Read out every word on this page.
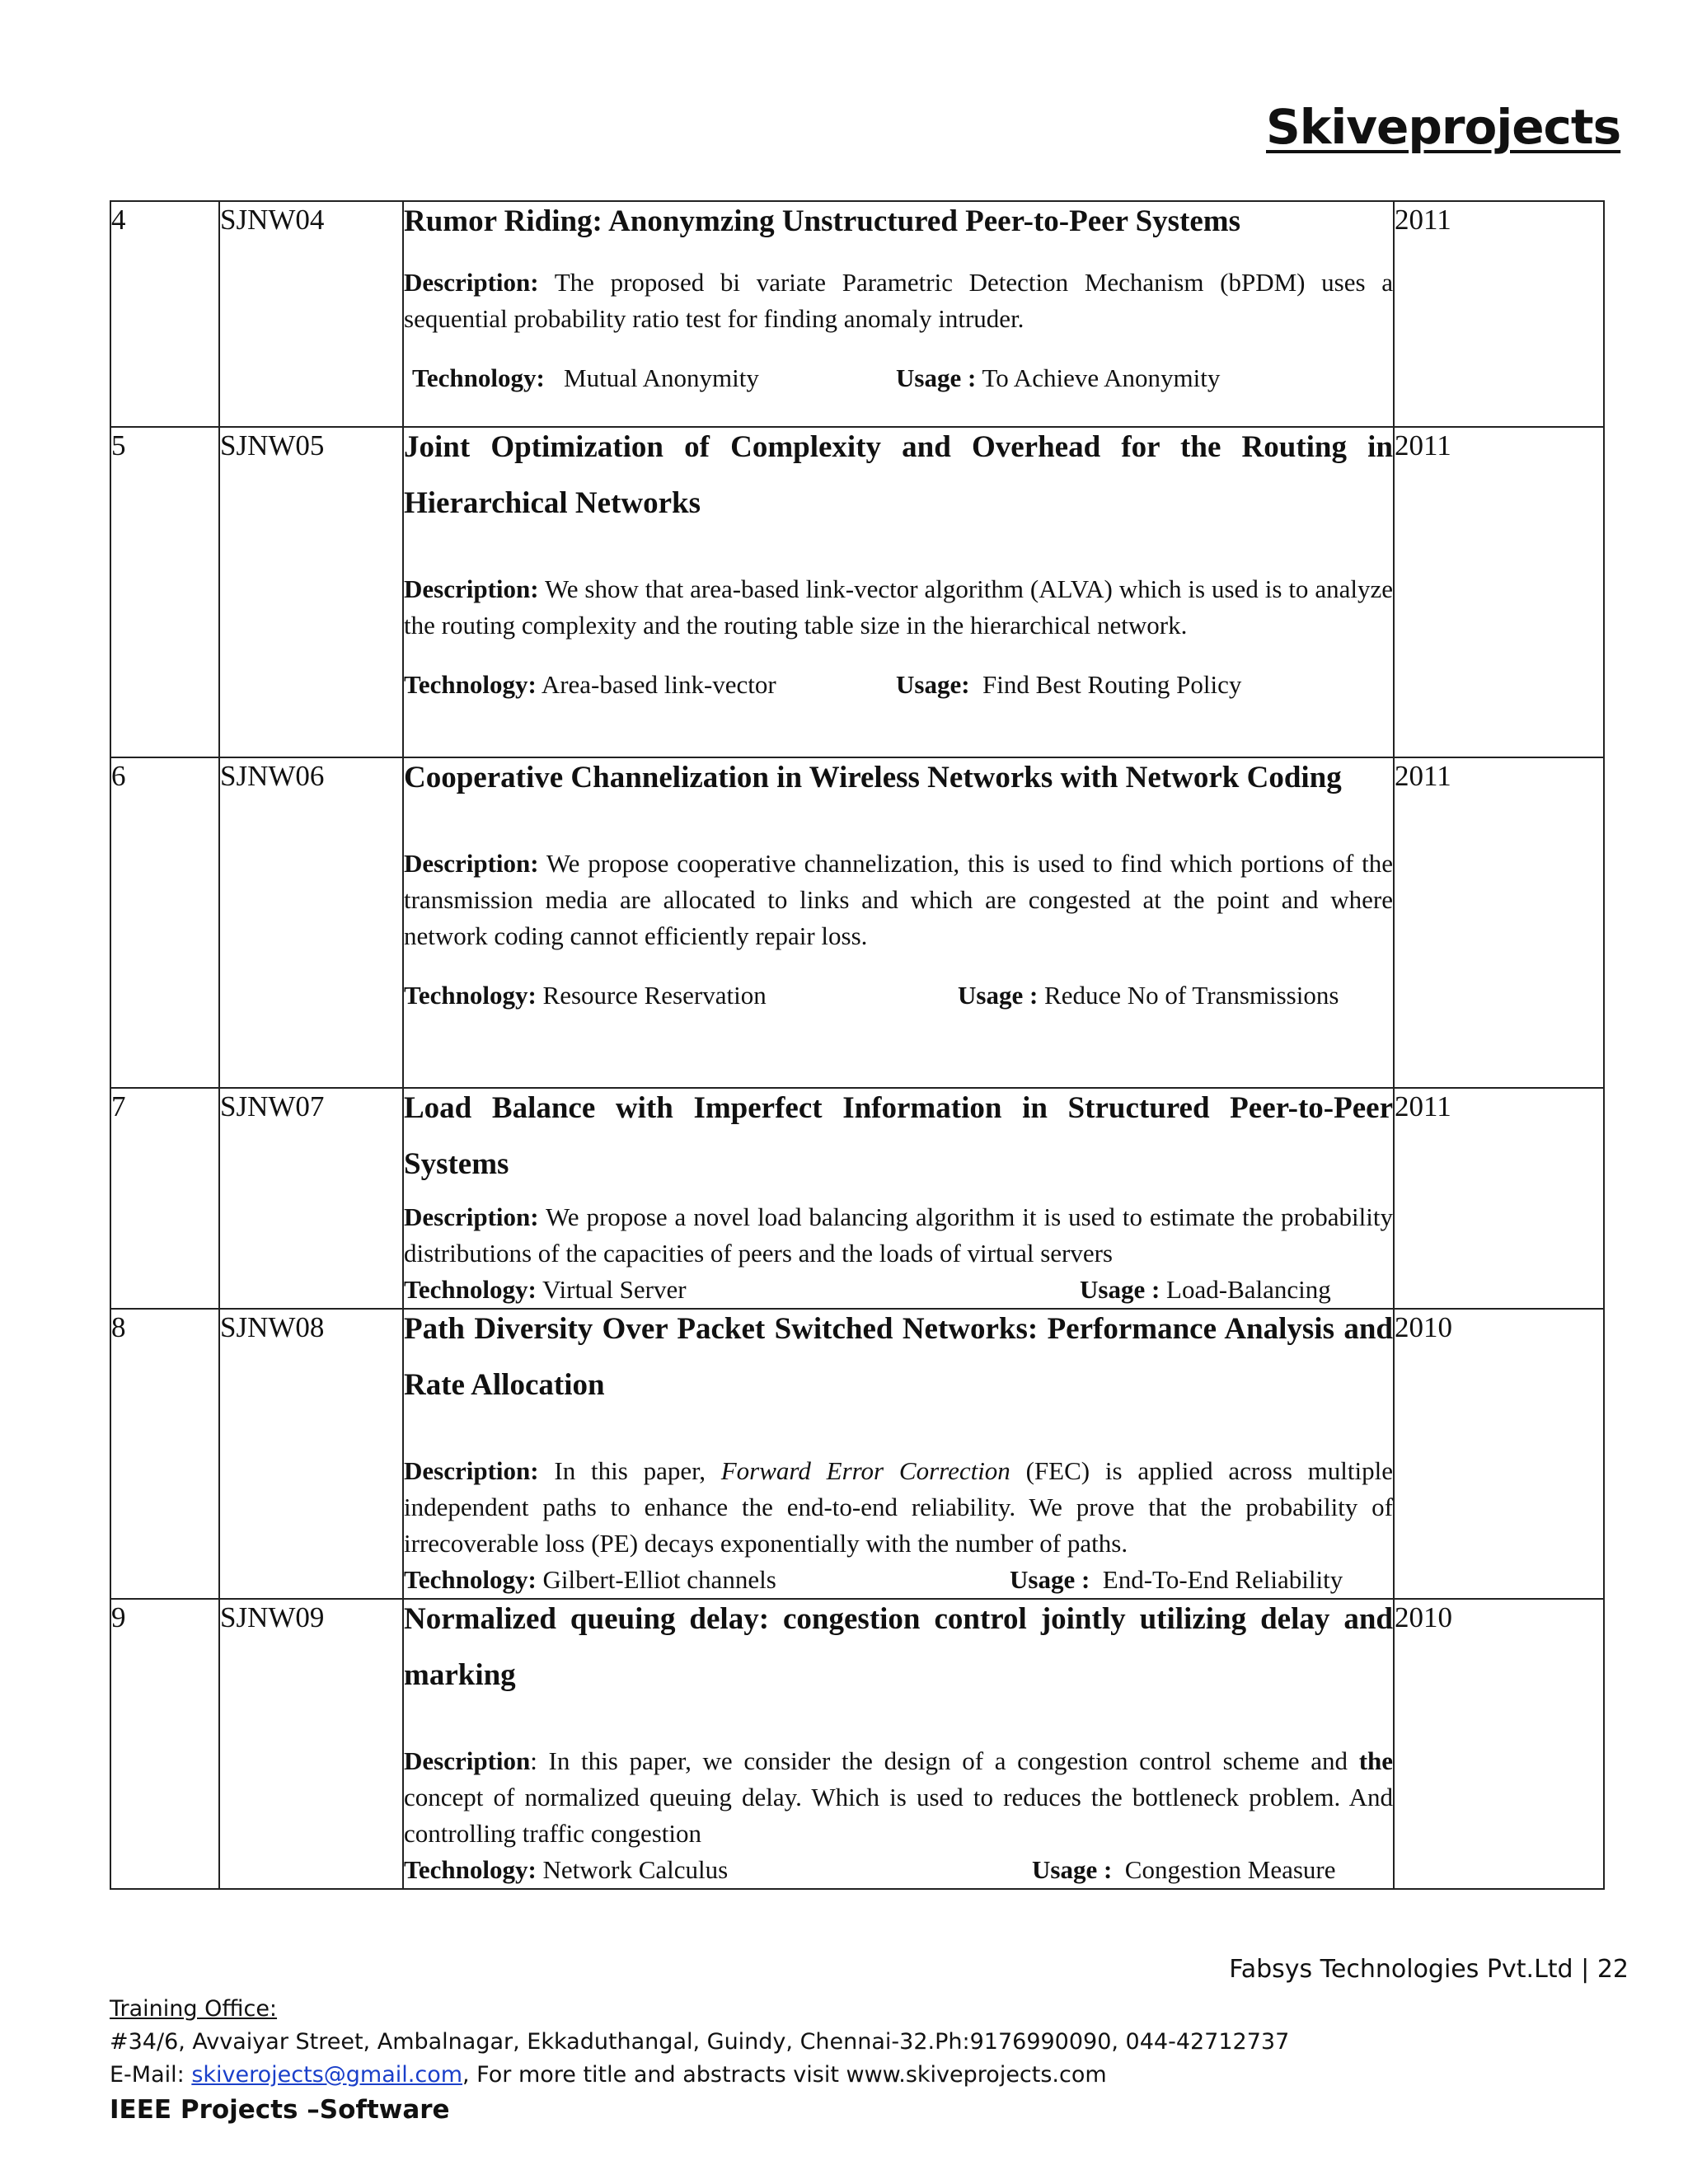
Skiveprojects
4	SJNW04	Rumor Riding: Anonymzing Unstructured Peer-to-Peer Systems
Description: The proposed bi variate Parametric Detection Mechanism (bPDM) uses a sequential probability ratio test for finding anomaly intruder.
Technology: Mutual Anonymity Usage : To Achieve Anonymity	2011
5	SJNW05	Joint Optimization of Complexity and Overhead for the Routing in Hierarchical Networks
Description: We show that area-based link-vector algorithm (ALVA) which is used is to analyze the routing complexity and the routing table size in the hierarchical network.
Technology: Area-based link-vector Usage: Find Best Routing Policy	2011
6	SJNW06	Cooperative Channelization in Wireless Networks with Network Coding
Description: We propose cooperative channelization, this is used to find which portions of the transmission media are allocated to links and which are congested at the point and where network coding cannot efficiently repair loss.
Technology: Resource Reservation Usage : Reduce No of Transmissions	2011
7	SJNW07	Load Balance with Imperfect Information in Structured Peer-to-Peer Systems
Description: We propose a novel load balancing algorithm it is used to estimate the probability distributions of the capacities of peers and the loads of virtual servers
Technology: Virtual Server Usage : Load-Balancing	2011
8	SJNW08	Path Diversity Over Packet Switched Networks: Performance Analysis and Rate Allocation
Description: In this paper, Forward Error Correction (FEC) is applied across multiple independent paths to enhance the end-to-end reliability. We prove that the probability of irrecoverable loss (PE) decays exponentially with the number of paths.
Technology: Gilbert-Elliot channels Usage : End-To-End Reliability	2010
9	SJNW09	Normalized queuing delay: congestion control jointly utilizing delay and marking
Description: In this paper, we consider the design of a congestion control scheme and the concept of normalized queuing delay. Which is used to reduces the bottleneck problem. And controlling traffic congestion
Technology: Network Calculus Usage : Congestion Measure	2010
Fabsys Technologies Pvt.Ltd | 22
Training Office:
#34/6, Avvaiyar Street, Ambalnagar, Ekkaduthangal, Guindy, Chennai-32.Ph:9176990090, 044-42712737
E-Mail: skiverojects@gmail.com, For more title and abstracts visit www.skiveprojects.com
IEEE Projects –Software
